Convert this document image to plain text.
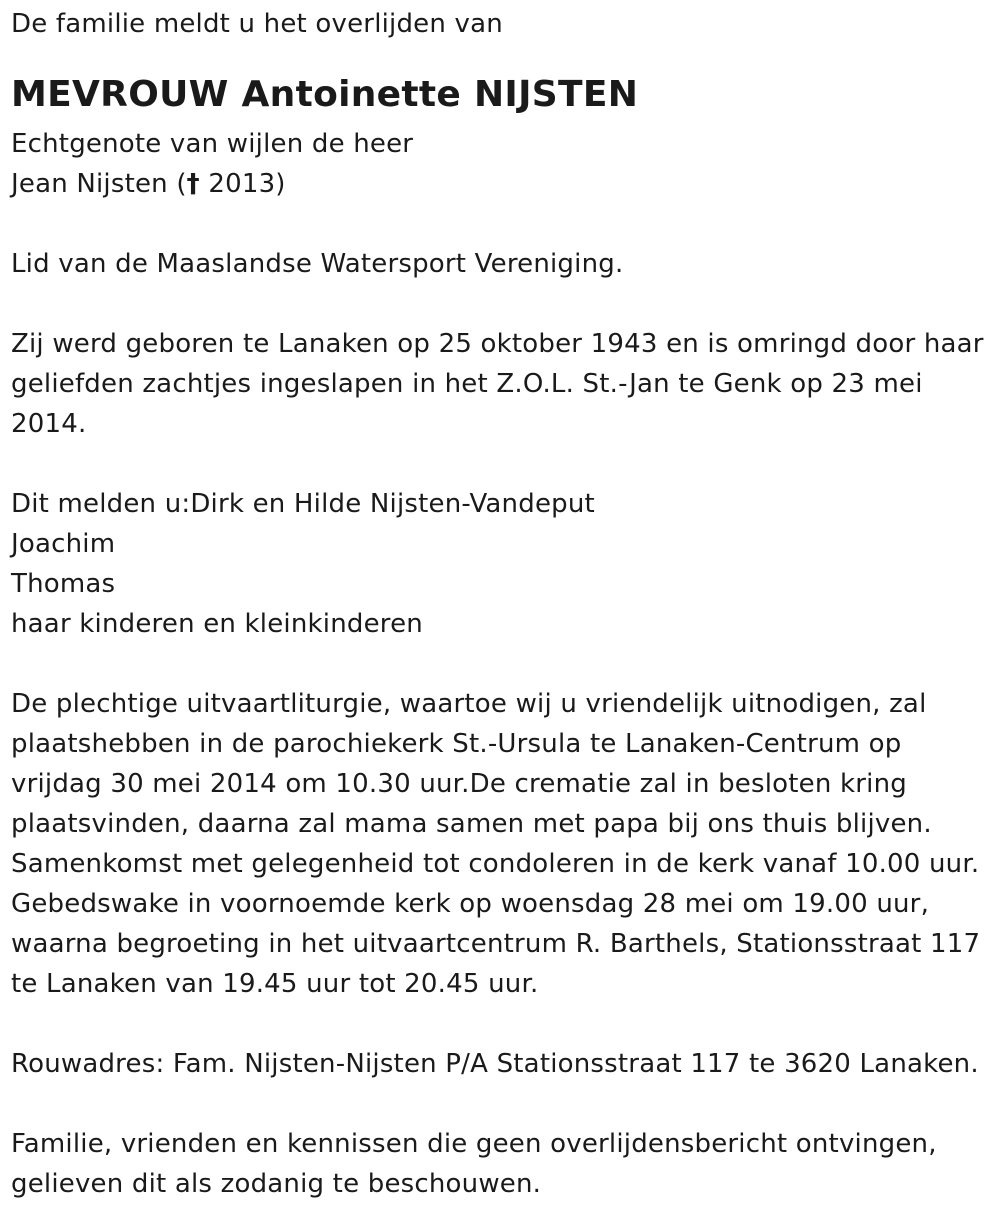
De familie meldt u het overlijden van
MEVROUW Antoinette NIJSTEN
Echtgenote van wijlen de heer
Jean Nijsten († 2013)
Lid van de Maaslandse Watersport Vereniging.
Zij werd geboren te Lanaken op 25 oktober 1943 en is omringd door haar
geliefden zachtjes ingeslapen in het Z.O.L. St.-Jan te Genk op 23 mei
2014.
Dit melden u:Dirk en Hilde Nijsten-Vandeput
Joachim
Thomas
haar kinderen en kleinkinderen
De plechtige uitvaartliturgie, waartoe wij u vriendelijk uitnodigen, zal
plaatshebben in de parochiekerk St.-Ursula te Lanaken-Centrum op
vrijdag 30 mei 2014 om 10.30 uur.De crematie zal in besloten kring
plaatsvinden, daarna zal mama samen met papa bij ons thuis blijven.
Samenkomst met gelegenheid tot condoleren in de kerk vanaf 10.00 uur.
Gebedswake in voornoemde kerk op woensdag 28 mei om 19.00 uur,
waarna begroeting in het uitvaartcentrum R. Barthels, Stationsstraat 117
te Lanaken van 19.45 uur tot 20.45 uur.
Rouwadres: Fam. Nijsten-Nijsten P/A Stationsstraat 117 te 3620 Lanaken.
Familie, vrienden en kennissen die geen overlijdensbericht ontvingen,
gelieven dit als zodanig te beschouwen.
